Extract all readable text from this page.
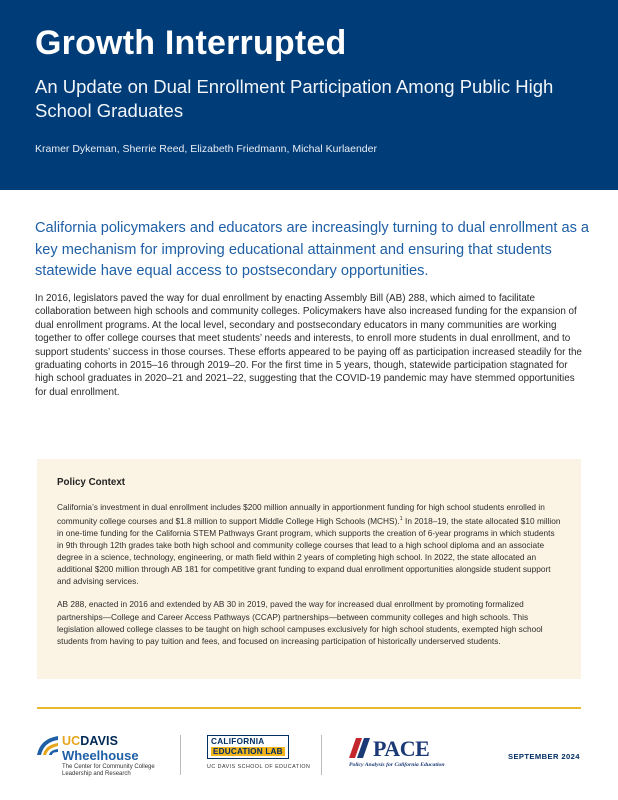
Growth Interrupted
An Update on Dual Enrollment Participation Among Public High School Graduates
Kramer Dykeman, Sherrie Reed, Elizabeth Friedmann, Michal Kurlaender
California policymakers and educators are increasingly turning to dual enrollment as a key mechanism for improving educational attainment and ensuring that students statewide have equal access to postsecondary opportunities.
In 2016, legislators paved the way for dual enrollment by enacting Assembly Bill (AB) 288, which aimed to facilitate collaboration between high schools and community colleges. Policymakers have also increased funding for the expansion of dual enrollment programs. At the local level, secondary and postsecondary educators in many communities are working together to offer college courses that meet students’ needs and interests, to enroll more students in dual enrollment, and to support students’ success in those courses. These efforts appeared to be paying off as participation increased steadily for the graduating cohorts in 2015–16 through 2019–20. For the first time in 5 years, though, statewide participation stagnated for high school graduates in 2020–21 and 2021–22, suggesting that the COVID-19 pandemic may have stemmed opportunities for dual enrollment.
Policy Context

California’s investment in dual enrollment includes $200 million annually in apportionment funding for high school students enrolled in community college courses and $1.8 million to support Middle College High Schools (MCHS).$^1$ In 2018–19, the state allocated $10 million in one-time funding for the California STEM Pathways Grant program, which supports the creation of 6-year programs in which students in 9th through 12th grades take both high school and community college courses that lead to a high school diploma and an associate degree in a science, technology, engineering, or math field within 2 years of completing high school. In 2022, the state allocated an additional $200 million through AB 181 for competitive grant funding to expand dual enrollment opportunities alongside student support and advising services.

AB 288, enacted in 2016 and extended by AB 30 in 2019, paved the way for increased dual enrollment by promoting formalized partnerships—College and Career Access Pathways (CCAP) partnerships—between community colleges and high schools. This legislation allowed college classes to be taught on high school campuses exclusively for high school students, exempted high school students from having to pay tuition and fees, and focused on increasing participation of historically underserved students.

UCDAVIS
Wheelhouse
The Center for Community College Leadership and Research
CALIFORNIA
EDUCATION LAB
UC DAVIS SCHOOL OF EDUCATION
PACE
Policy Analysis for California Education
SEPTEMBER 2024
